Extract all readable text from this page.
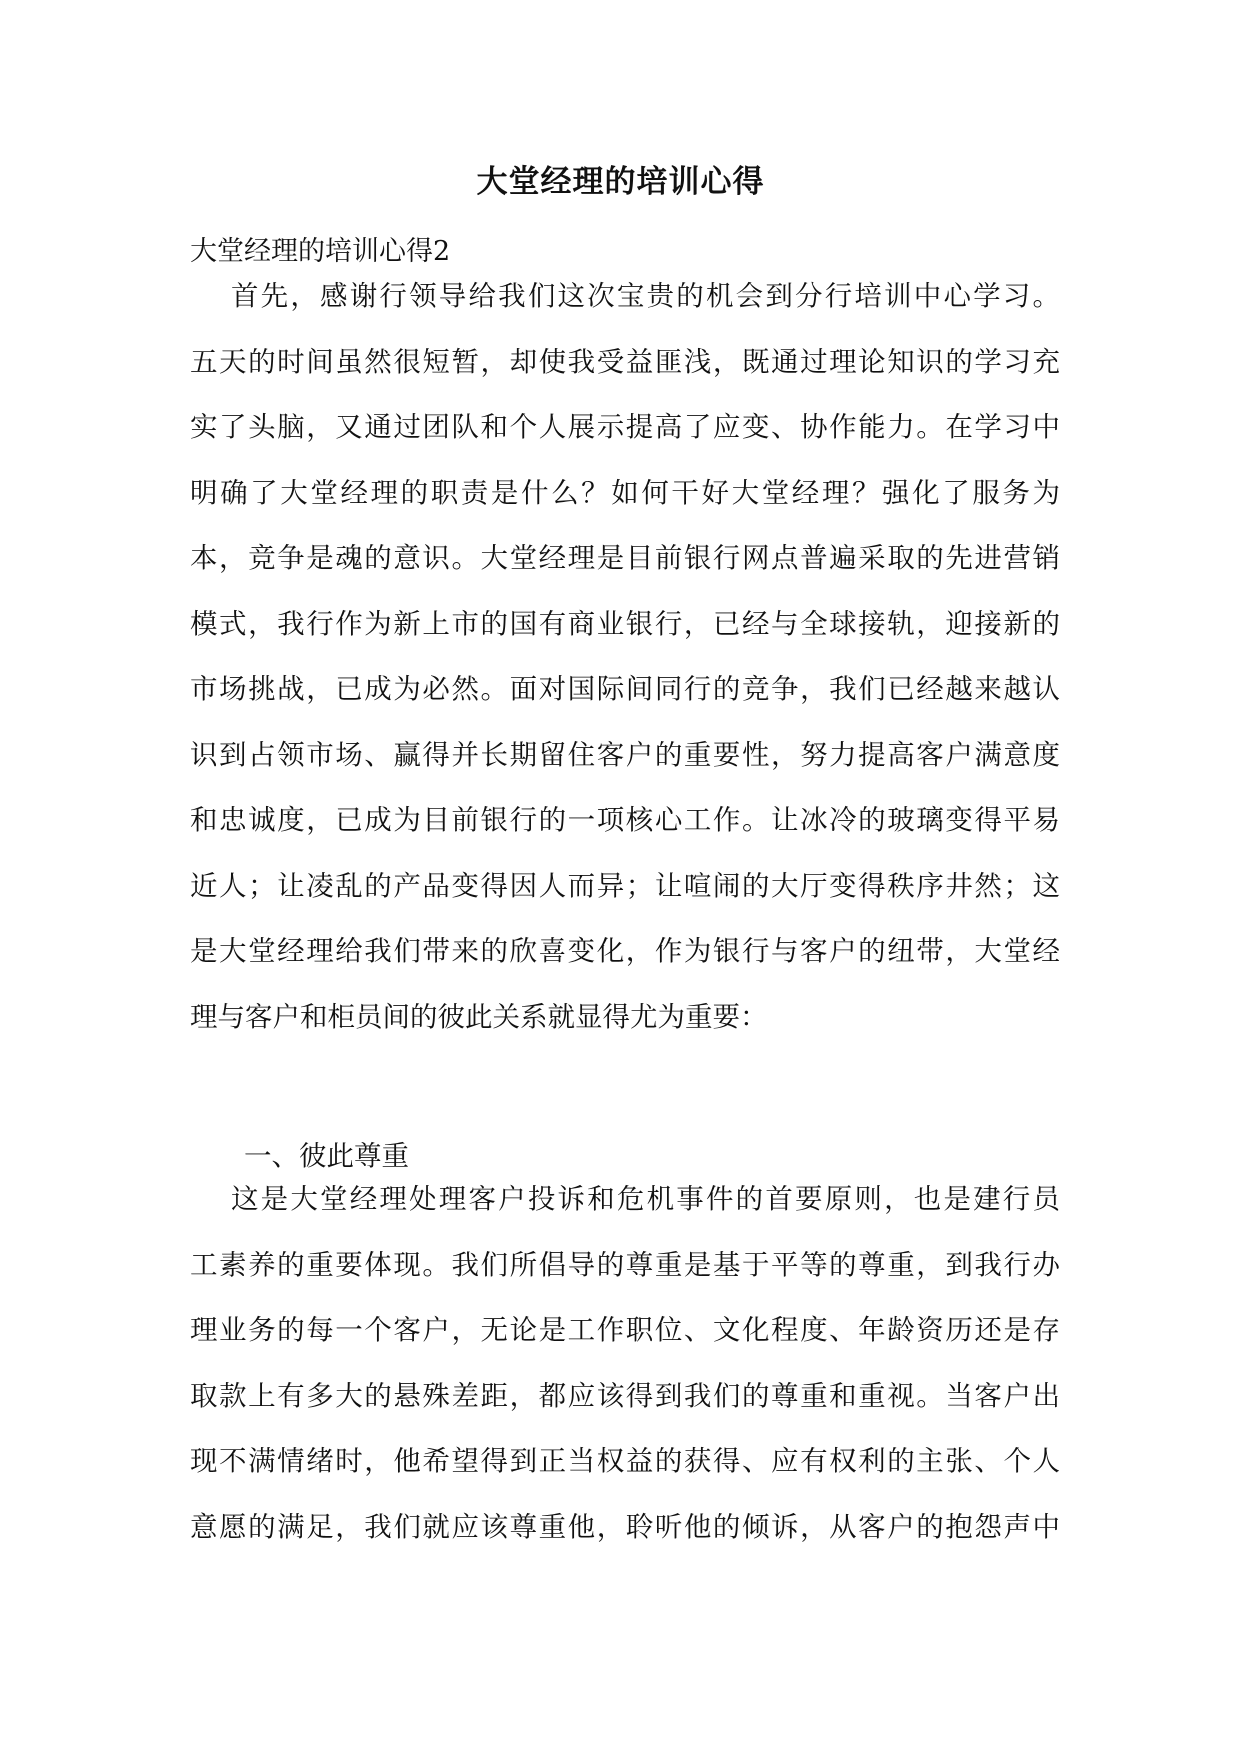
大堂经理的培训心得

大堂经理的培训心得2

首先，感谢行领导给我们这次宝贵的机会到分行培训中心学习。
五天的时间虽然很短暂，却使我受益匪浅，既通过理论知识的学习充
实了头脑，又通过团队和个人展示提高了应变、协作能力。在学习中
明确了大堂经理的职责是什么？如何干好大堂经理？强化了服务为
本，竞争是魂的意识。大堂经理是目前银行网点普遍采取的先进营销
模式，我行作为新上市的国有商业银行，已经与全球接轨，迎接新的
市场挑战，已成为必然。面对国际间同行的竞争，我们已经越来越认
识到占领市场、赢得并长期留住客户的重要性，努力提高客户满意度
和忠诚度，已成为目前银行的一项核心工作。让冰冷的玻璃变得平易
近人；让凌乱的产品变得因人而异；让喧闹的大厅变得秩序井然；这
是大堂经理给我们带来的欣喜变化，作为银行与客户的纽带，大堂经
理与客户和柜员间的彼此关系就显得尤为重要：

一、彼此尊重

这是大堂经理处理客户投诉和危机事件的首要原则，也是建行员
工素养的重要体现。我们所倡导的尊重是基于平等的尊重，到我行办
理业务的每一个客户，无论是工作职位、文化程度、年龄资历还是存
取款上有多大的悬殊差距，都应该得到我们的尊重和重视。当客户出
现不满情绪时，他希望得到正当权益的获得、应有权利的主张、个人
意愿的满足，我们就应该尊重他，聆听他的倾诉，从客户的抱怨声中
